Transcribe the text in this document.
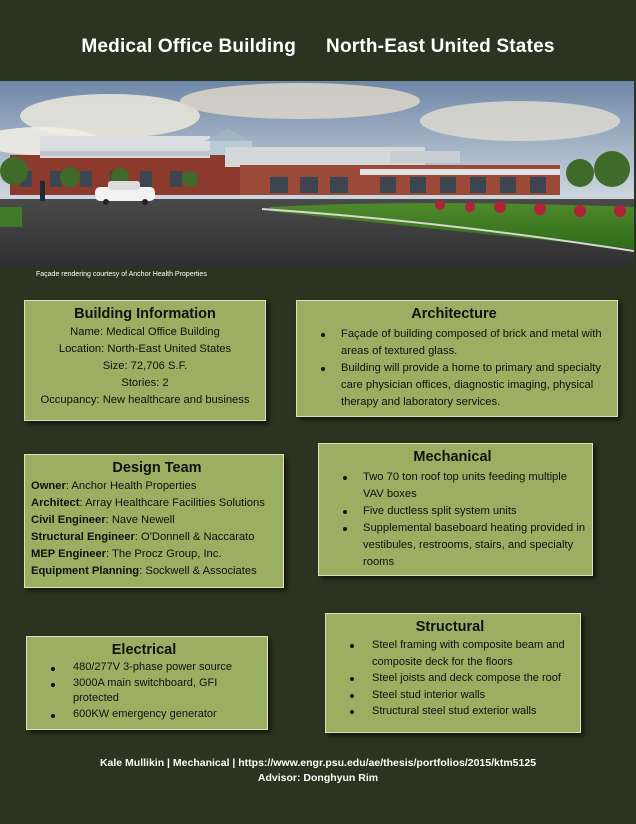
Medical Office Building North-East United States
Façade rendering courtesy of Anchor Health Properties
Building Information
Name: Medical Office Building
Location: North-East United States
Size: 72,706 S.F.
Stories: 2
Occupancy: New healthcare and business
Architecture
Façade of building composed of brick and metal with areas of textured glass.
Building will provide a home to primary and specialty care physician offices, diagnostic imaging, physical therapy and laboratory services.
Design Team
Owner: Anchor Health Properties
Architect: Array Healthcare Facilities Solutions
Civil Engineer: Nave Newell
Structural Engineer: O'Donnell & Naccarato
MEP Engineer: The Procz Group, Inc.
Equipment Planning: Sockwell & Associates
Mechanical
Two 70 ton roof top units feeding multiple VAV boxes
Five ductless split system units
Supplemental baseboard heating provided in vestibules, restrooms, stairs, and specialty rooms
Electrical
480/277V 3-phase power source
3000A main switchboard, GFI protected
600KW emergency generator
Structural
Steel framing with composite beam and composite deck for the floors
Steel joists and deck compose the roof
Steel stud interior walls
Structural steel stud exterior walls
Kale Mullikin | Mechanical | https://www.engr.psu.edu/ae/thesis/portfolios/2015/ktm5125
Advisor: Donghyun Rim
